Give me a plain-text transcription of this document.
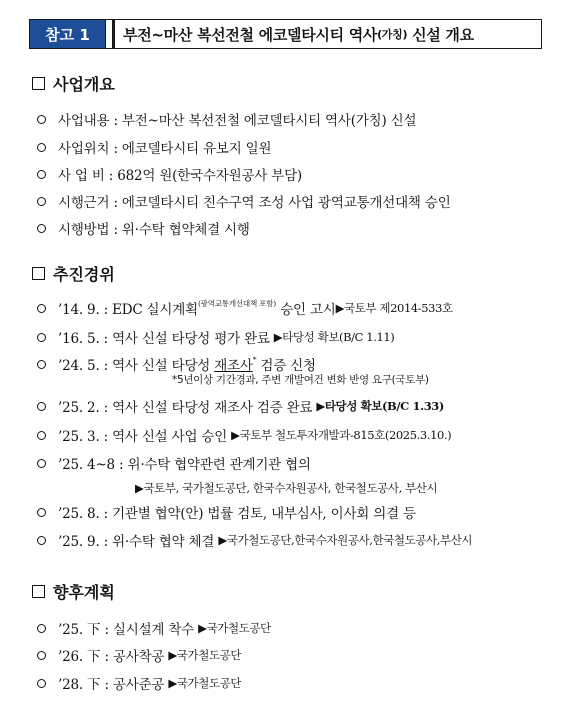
참고 1	부전~마산 복선전철 에코델타시티 역사 (가칭) 신설 개요
사업개요
사업내용 : 부전~마산 복선전철 에코델타시티 역사(가칭) 신설
사업위치 : 에코델타시티 유보지 일원
사 업 비 : 682억 원(한국수자원공사 부담)
시행근거 : 에코델타시티 친수구역 조성 사업 광역교통개선대책 승인
시행방법 : 위·수탁 협약체결 시행
추진경위
’14. 9. : EDC 실시계획 (광역교통개선대책 포함) 승인 고시 ▶국토부 제2014-533호
’16. 5. : 역사 신설 타당성 평가 완료 ▶타당성 확보(B/C 1.11)
’24. 5. : 역사 신설 타당성 재조사 * 검증 신청
*5년이상 기간경과, 주변 개발여건 변화 반영 요구(국토부)
’25. 2. : 역사 신설 타당성 재조사 검증 완료 ▶타당성 확보 (B/C 1.33)
’25. 3. : 역사 신설 사업 승인 ▶국토부 철도투자개발과-815호(2025.3.10.)
’25. 4~8 : 위·수탁 협약관련 관계기관 협의
▶국토부, 국가철도공단, 한국수자원공사, 한국철도공사, 부산시
’25. 8. : 기관별 협약(안) 법률 검토, 내부심사, 이사회 의결 등
’25. 9. : 위·수탁 협약 체결 ▶국가철도공단,한국수자원공사,한국철도공사,부산시
향후계획
’25. 下 : 실시설계 착수 ▶국가철도공단
’26. 下 : 공사착공 ▶국가철도공단
’28. 下 : 공사준공 ▶국가철도공단
